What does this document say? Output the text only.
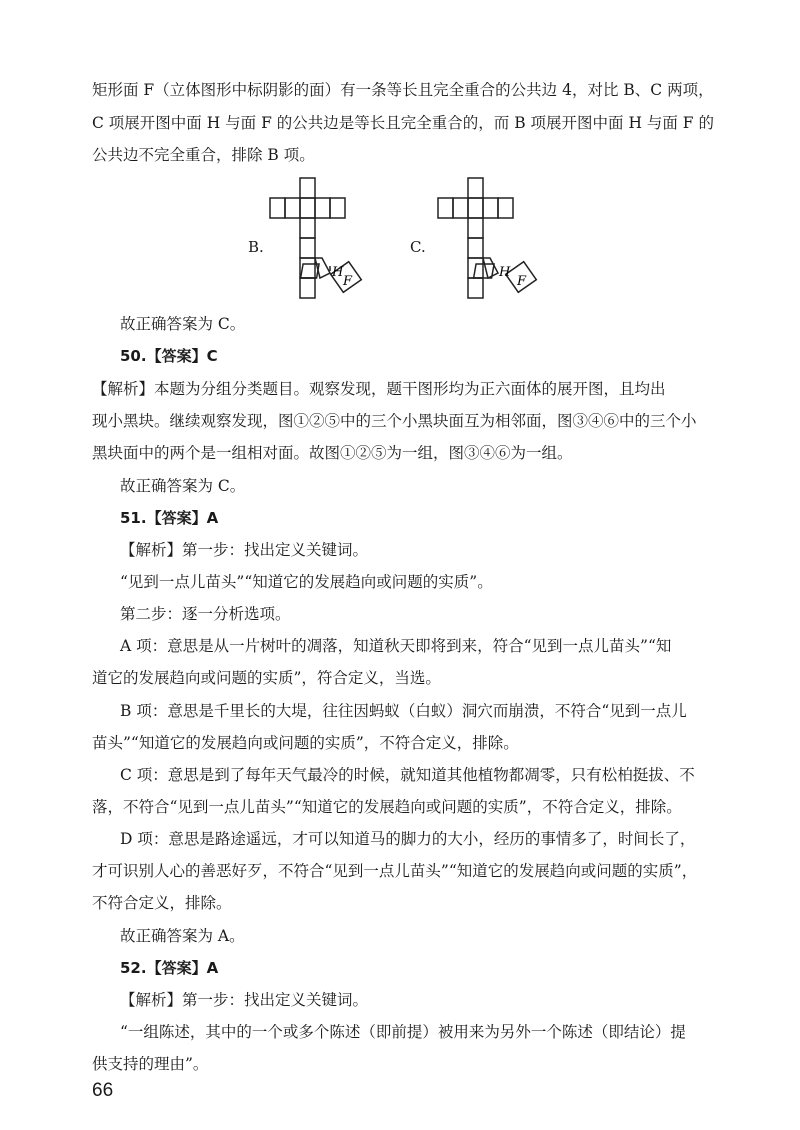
矩形面 F（立体图形中标阴影的面）有一条等长且完全重合的公共边 4，对比 B、C 两项，
C 项展开图中面 H 与面 F 的公共边是等长且完全重合的，而 B 项展开图中面 H 与面 F 的
公共边不完全重合，排除 B 项。
B.	C.
H
F
H
F
故正确答案为 C。
50.【答案】C
【解析】本题为分组分类题目。观察发现，题干图形均为正六面体的展开图，且均出
现小黑块。继续观察发现，图①②⑤中的三个小黑块面互为相邻面，图③④⑥中的三个小
黑块面中的两个是一组相对面。故图①②⑤为一组，图③④⑥为一组。
故正确答案为 C。
51.【答案】A
【解析】第一步：找出定义关键词。
“见到一点儿苗头”“知道它的发展趋向或问题的实质”。
第二步：逐一分析选项。
A 项：意思是从一片树叶的凋落，知道秋天即将到来，符合“见到一点儿苗头”“知
道它的发展趋向或问题的实质”，符合定义，当选。
B 项：意思是千里长的大堤，往往因蚂蚁（白蚁）洞穴而崩溃，不符合“见到一点儿
苗头”“知道它的发展趋向或问题的实质”，不符合定义，排除。
C 项：意思是到了每年天气最冷的时候，就知道其他植物都凋零，只有松柏挺拔、不
落，不符合“见到一点儿苗头”“知道它的发展趋向或问题的实质”，不符合定义，排除。
D 项：意思是路途遥远，才可以知道马的脚力的大小，经历的事情多了，时间长了，
才可识别人心的善恶好歹，不符合“见到一点儿苗头”“知道它的发展趋向或问题的实质”，
不符合定义，排除。
故正确答案为 A。
52.【答案】A
【解析】第一步：找出定义关键词。
“一组陈述，其中的一个或多个陈述（即前提）被用来为另外一个陈述（即结论）提
供支持的理由”。
66
